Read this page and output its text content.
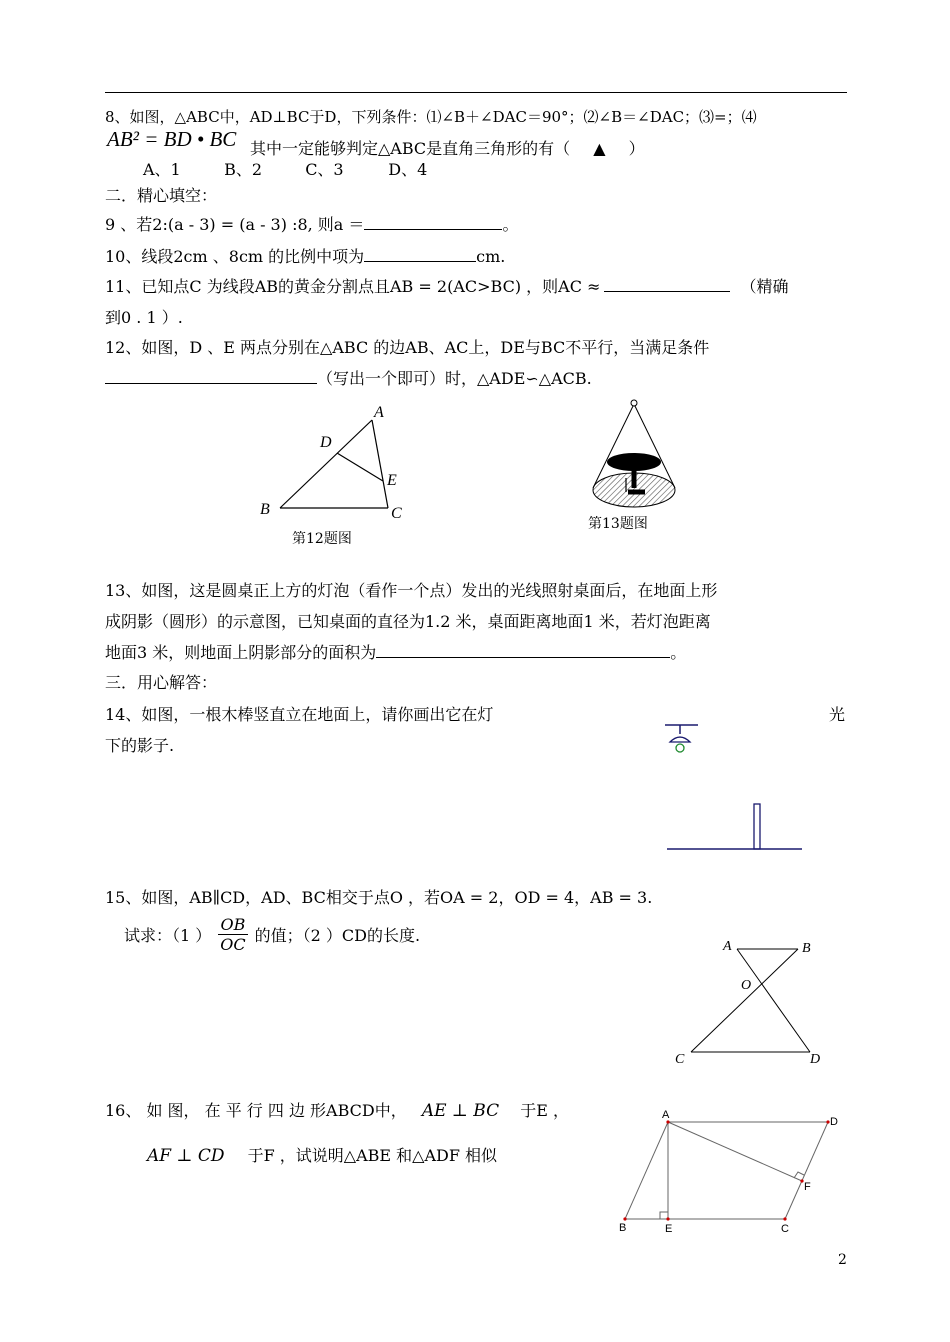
8、如图，△ABC中，AD⊥BC于D，下列条件：⑴∠B＋∠DAC＝90°；⑵∠B＝∠DAC；⑶=；⑷
AB² = BD • BC 其中一定能够判定△ABC是直角三角形的有（ ▲ ）
A、1	B、2	C、3	D、4
二．精心填空：
9 、若2:(a - 3) = (a - 3) :8, 则a ＝	。
10、线段2cm 、8cm 的比例中项为	cm.
11、已知点C 为线段AB的黄金分割点且AB = 2(AC>BC) ，则AC ≈	（精确
到0 . 1 ）.
12、如图，D 、E 两点分别在△ABC 的边AB、AC上，DE与BC不平行，当满足条件
（写出一个即可）时，△ADE∽△ACB.
A
D
E
B	C
第12题图
第13题图
13、如图，这是圆桌正上方的灯泡（看作一个点）发出的光线照射桌面后，在地面上形
成阴影（圆形）的示意图，已知桌面的直径为1.2 米，桌面距离地面1 米，若灯泡距离
地面3 米，则地面上阴影部分的面积为	。
三．用心解答：
14、如图，一根木棒竖直立在地面上，请你画出它在灯	光
下的影子.
15、如图，AB∥CD，AD、BC相交于点O ，若OA = 2，OD = 4，AB = 3.
试求：（1 ） $\frac{OB}{OC}$ 的值；（2 ）CD的长度.
A	B
O
C	D
16、 如 图， 在 平 行 四 边 形ABCD中， AE ⊥ BC 于E ，
AF ⊥ CD 于F ，试说明△ABE 和△ADF 相似
A
D
B	E	C
F
2
